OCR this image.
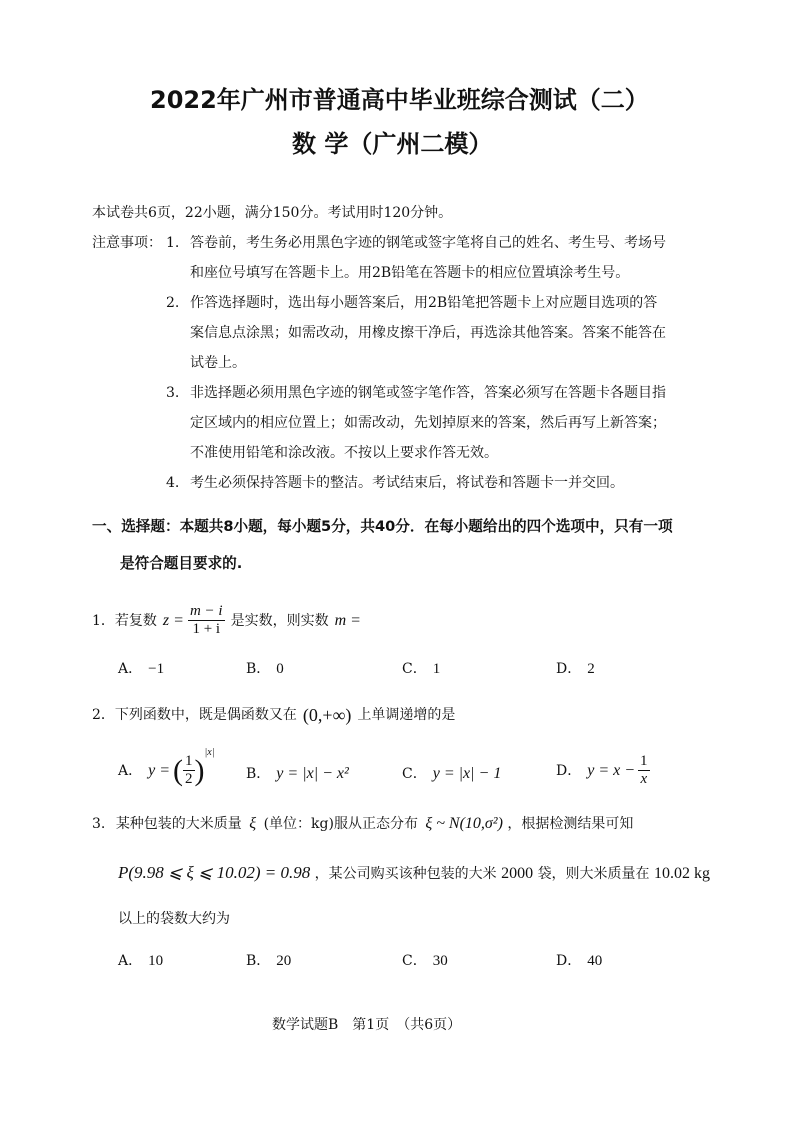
2022年广州市普通高中毕业班综合测试（二）
数 学（广州二模）
本试卷共6页，22小题，满分150分。考试用时120分钟。
注意事项： 1. 答卷前，考生务必用黑色字迹的钢笔或签字笔将自己的姓名、考生号、考场号
和座位号填写在答题卡上。用2B铅笔在答题卡的相应位置填涂考生号。
2. 作答选择题时，选出每小题答案后，用2B铅笔把答题卡上对应题目选项的答
案信息点涂黑；如需改动，用橡皮擦干净后，再选涂其他答案。答案不能答在
试卷上。
3. 非选择题必须用黑色字迹的钢笔或签字笔作答，答案必须写在答题卡各题目指
定区域内的相应位置上；如需改动，先划掉原来的答案，然后再写上新答案；
不准使用铅笔和涂改液。不按以上要求作答无效。
4. 考生必须保持答题卡的整洁。考试结束后，将试卷和答题卡一并交回。
一、选择题：本题共8小题，每小题5分，共40分．在每小题给出的四个选项中，只有一项
是符合题目要求的.
1． 若复数 $z = \frac{m - i}{1 + i}$ 是实数，则实数 m =
A． −1	B． 0	C． 1	D． 2
2． 下列函数中，既是偶函数又在 (0,+∞) 上单调递增的是
A． y = ( $\frac{1}{2}$ )
|x|
B． y = |x| − x²	C． y = |x| − 1	D． $y = x - \frac{1}{x}$
3. 某种包装的大米质量 ξ (单位：kg)服从正态分布 ξ ~ N(10,σ²) ，根据检测结果可知
P(9.98 ⩽ ξ ⩽ 10.02) = 0.98 ，某公司购买该种包装的大米 2000 袋，则大米质量在 10.02 kg
以上的袋数大约为
A． 10	B． 20	C． 30	D． 40
数学试题B　第1页　（共6页）
